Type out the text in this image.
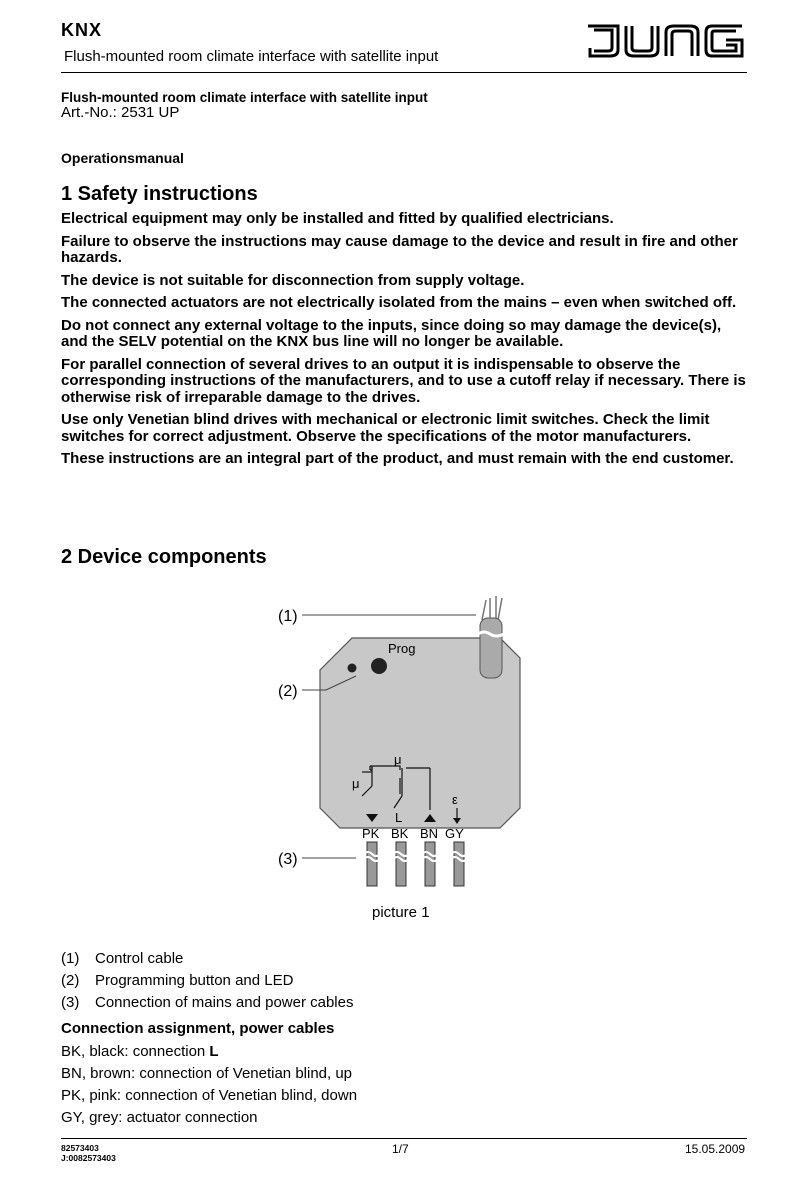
KNX
Flush-mounted room climate interface with satellite input
JUNG
Flush-mounted room climate interface with satellite input
Art.-No.: 2531 UP
Operationsmanual
1 Safety instructions

Electrical equipment may only be installed and fitted by qualified electricians.

Failure to observe the instructions may cause damage to the device and result in fire and other hazards.

The device is not suitable for disconnection from supply voltage.

The connected actuators are not electrically isolated from the mains – even when switched off.

Do not connect any external voltage to the inputs, since doing so may damage the device(s), and the SELV potential on the KNX bus line will no longer be available.

For parallel connection of several drives to an output it is indispensable to observe the corresponding instructions of the manufacturers, and to use a cutoff relay if necessary. There is otherwise risk of irreparable damage to the drives.

Use only Venetian blind drives with mechanical or electronic limit switches. Check the limit switches for correct adjustment. Observe the specifications of the motor manufacturers.

These instructions are an integral part of the product, and must remain with the end customer.

2 Device components
(1)
(2)
(3)
Prog
μ
μ
ε
L
PK BK BN GY
picture 1
(1)	Control cable
(2)	Programming button and LED
(3)	Connection of mains and power cables
Connection assignment, power cables
BK, black: connection L
BN, brown: connection of Venetian blind, up
PK, pink: connection of Venetian blind, down
GY, grey: actuator connection
82573403
J:0082573403
1/7	15.05.2009
